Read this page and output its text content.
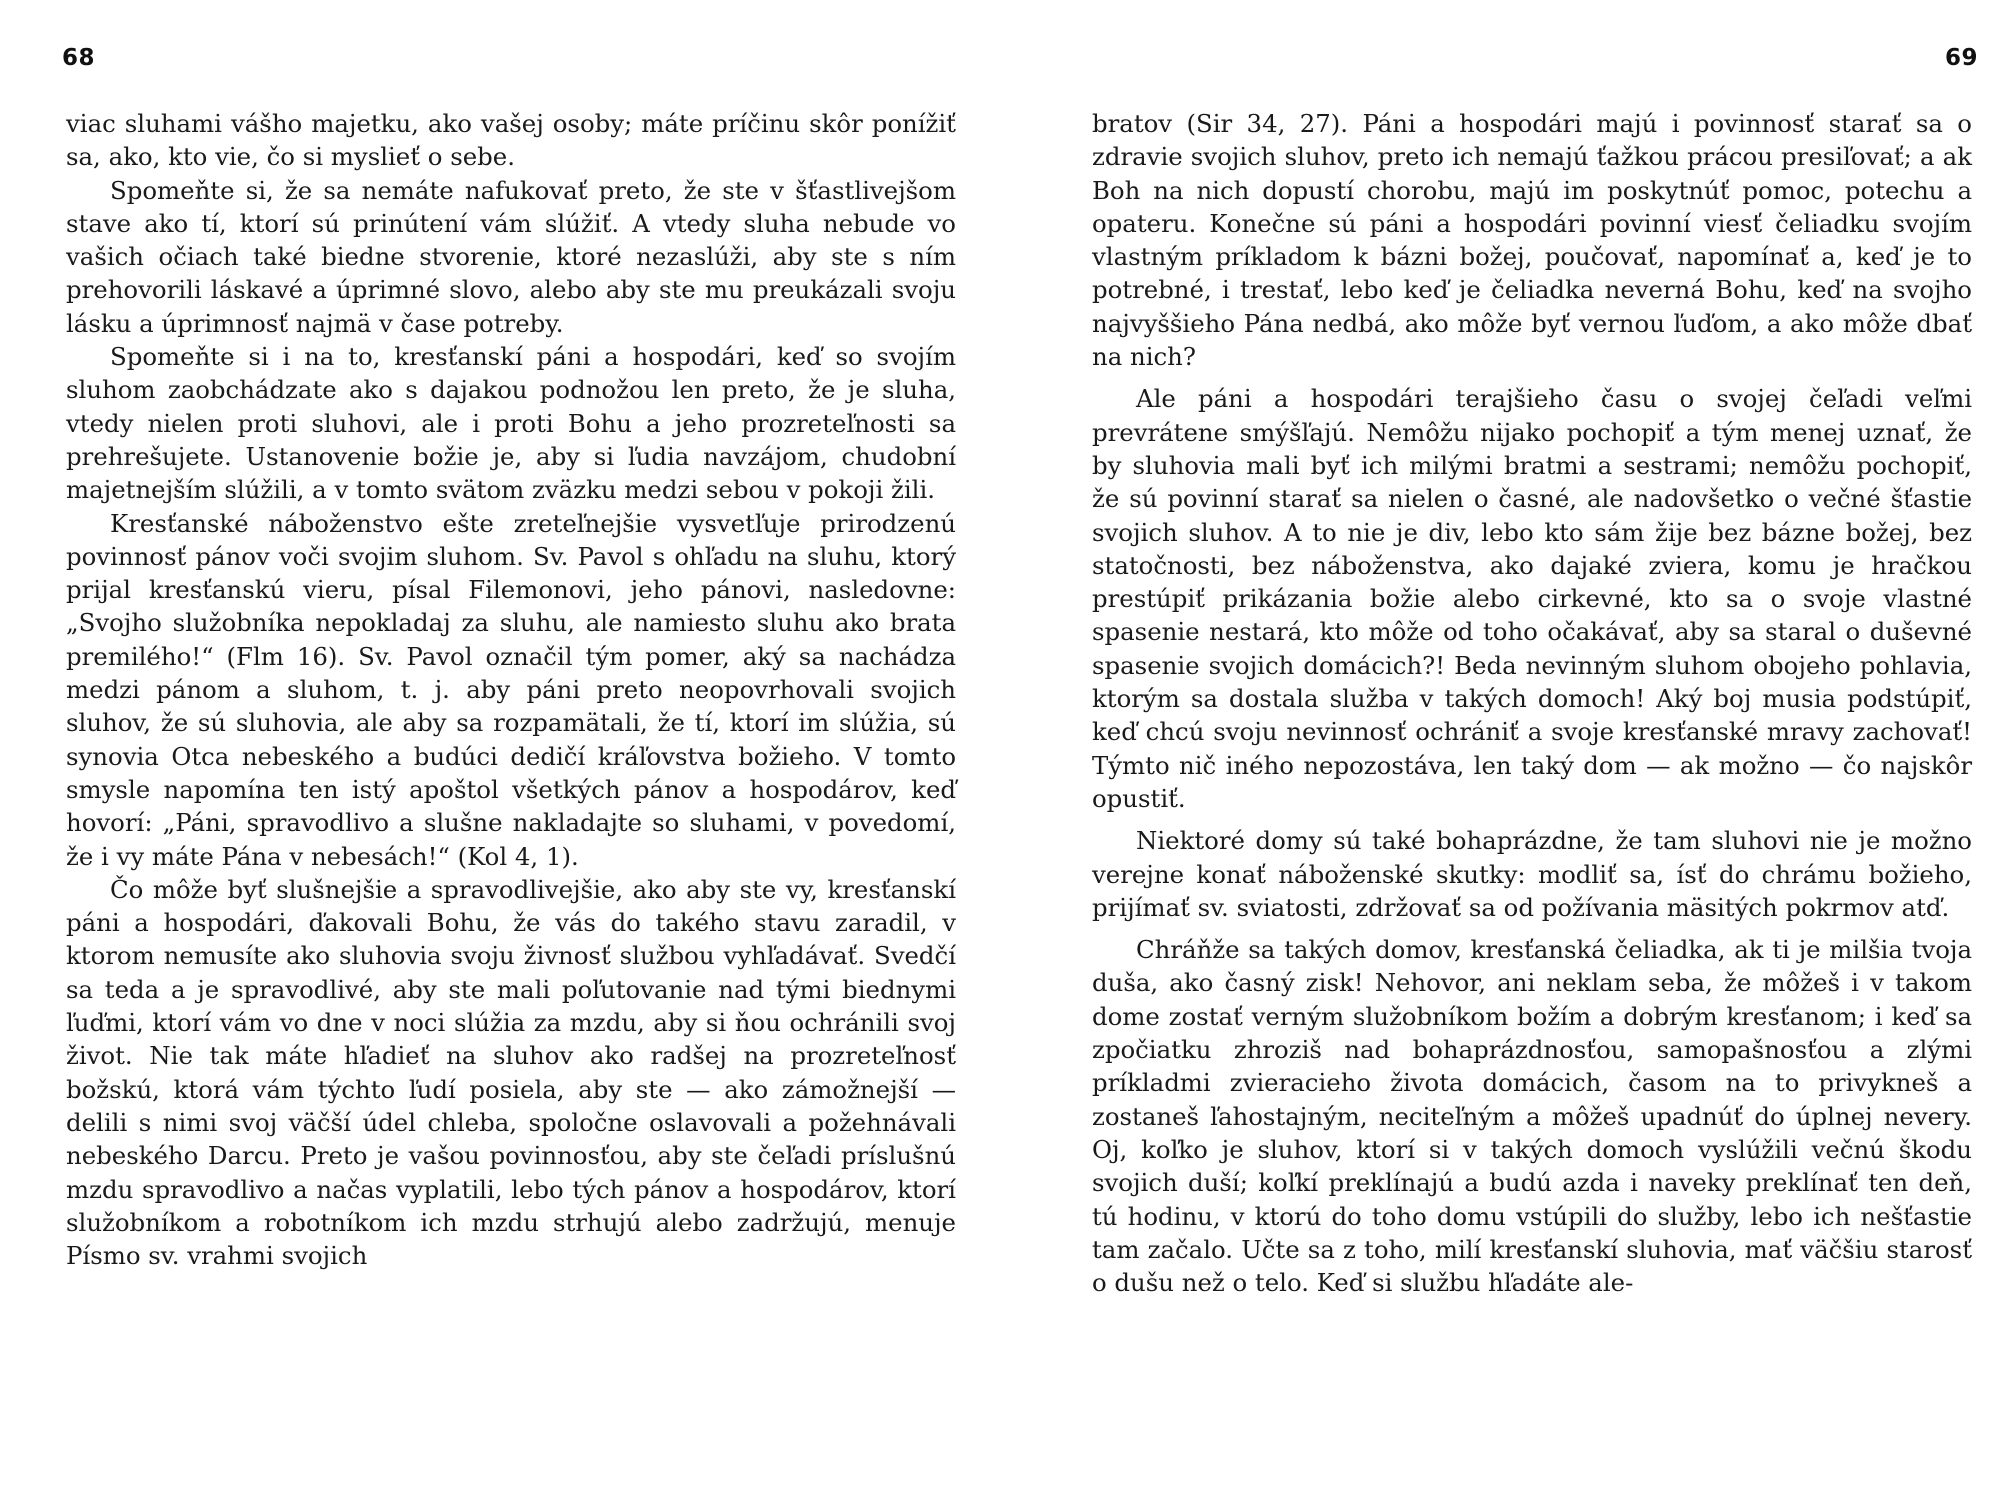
68

viac sluhami vášho majetku, ako vašej osoby; máte príčinu skôr ponížiť sa, ako, kto vie, čo si myslieť o sebe.

Spomeňte si, že sa nemáte nafukovať preto, že ste v šťastlivejšom stave ako tí, ktorí sú prinútení vám slúžiť. A vtedy sluha nebude vo vašich očiach také biedne stvorenie, ktoré nezaslúži, aby ste s ním prehovorili láskavé a úprimné slovo, alebo aby ste mu preukázali svoju lásku a úprimnosť najmä v čase potreby.

Spomeňte si i na to, kresťanskí páni a hospodári, keď so svojím sluhom zaobchádzate ako s dajakou podnožou len preto, že je sluha, vtedy nielen proti sluhovi, ale i proti Bohu a jeho prozreteľnosti sa prehrešujete. Ustanovenie božie je, aby si ľudia navzájom, chudobní majetnejším slúžili, a v tomto svätom zväzku medzi sebou v pokoji žili.

Kresťanské náboženstvo ešte zreteľnejšie vysvetľuje prirodzenú povinnosť pánov voči svojim sluhom. Sv. Pavol s ohľadu na sluhu, ktorý prijal kresťanskú vieru, písal Filemonovi, jeho pánovi, nasledovne: „Svojho služobníka nepokladaj za sluhu, ale namiesto sluhu ako brata premilého!“ (Flm 16). Sv. Pavol označil tým pomer, aký sa nachádza medzi pánom a sluhom, t. j. aby páni preto neopovrhovali svojich sluhov, že sú sluhovia, ale aby sa rozpamätali, že tí, ktorí im slúžia, sú synovia Otca nebeského a budúci dedičí kráľovstva božieho. V tomto smysle napomína ten istý apoštol všetkých pánov a hospodárov, keď hovorí: „Páni, spravodlivo a slušne nakladajte so sluhami, v povedomí, že i vy máte Pána v nebesách!“ (Kol 4, 1).

Čo môže byť slušnejšie a spravodlivejšie, ako aby ste vy, kresťanskí páni a hospodári, ďakovali Bohu, že vás do takého stavu zaradil, v ktorom nemusíte ako sluhovia svoju živnosť službou vyhľadávať. Svedčí sa teda a je spravodlivé, aby ste mali poľutovanie nad tými biednymi ľuďmi, ktorí vám vo dne v noci slúžia za mzdu, aby si ňou ochránili svoj život. Nie tak máte hľadieť na sluhov ako radšej na prozreteľnosť božskú, ktorá vám týchto ľudí posiela, aby ste — ako zámožnejší — delili s nimi svoj väčší údel chleba, spoločne oslavovali a požehnávali nebeského Darcu. Preto je vašou povinnosťou, aby ste čeľadi príslušnú mzdu spravodlivo a načas vyplatili, lebo tých pánov a hospodárov, ktorí služobníkom a robotníkom ich mzdu strhujú alebo zadržujú, menuje Písmo sv. vrahmi svojich

69

bratov (Sir 34, 27). Páni a hospodári majú i povinnosť starať sa o zdravie svojich sluhov, preto ich nemajú ťažkou prácou presiľovať; a ak Boh na nich dopustí chorobu, majú im poskytnúť pomoc, potechu a opateru. Konečne sú páni a hospodári povinní viesť čeliadku svojím vlastným príkladom k bázni božej, poučovať, napomínať a, keď je to potrebné, i trestať, lebo keď je čeliadka neverná Bohu, keď na svojho najvyššieho Pána nedbá, ako môže byť vernou ľuďom, a ako môže dbať na nich?

Ale páni a hospodári terajšieho času o svojej čeľadi veľmi prevrátene smýšľajú. Nemôžu nijako pochopiť a tým menej uznať, že by sluhovia mali byť ich milými bratmi a sestrami; nemôžu pochopiť, že sú povinní starať sa nielen o časné, ale nadovšetko o večné šťastie svojich sluhov. A to nie je div, lebo kto sám žije bez bázne božej, bez statočnosti, bez náboženstva, ako dajaké zviera, komu je hračkou prestúpiť prikázania božie alebo cirkevné, kto sa o svoje vlastné spasenie nestará, kto môže od toho očakávať, aby sa staral o duševné spasenie svojich domácich?! Beda nevinným sluhom obojeho pohlavia, ktorým sa dostala služba v takých domoch! Aký boj musia podstúpiť, keď chcú svoju nevinnosť ochrániť a svoje kresťanské mravy zachovať! Týmto nič iného nepozostáva, len taký dom — ak možno — čo najskôr opustiť.

Niektoré domy sú také bohaprázdne, že tam sluhovi nie je možno verejne konať náboženské skutky: modliť sa, ísť do chrámu božieho, prijímať sv. sviatosti, zdržovať sa od požívania mäsitých pokrmov atď.

Chráňže sa takých domov, kresťanská čeliadka, ak ti je milšia tvoja duša, ako časný zisk! Nehovor, ani neklam seba, že môžeš i v takom dome zostať verným služobníkom božím a dobrým kresťanom; i keď sa zpočiatku zhroziš nad bohaprázdnosťou, samopašnosťou a zlými príkladmi zvieracieho života domácich, časom na to privykneš a zostaneš ľahostajným, neciteľným a môžeš upadnúť do úplnej nevery. Oj, koľko je sluhov, ktorí si v takých domoch vyslúžili večnú škodu svojich duší; koľkí preklínajú a budú azda i naveky preklínať ten deň, tú hodinu, v ktorú do toho domu vstúpili do služby, lebo ich nešťastie tam začalo. Učte sa z toho, milí kresťanskí sluhovia, mať väčšiu starosť o dušu než o telo. Keď si službu hľadáte ale-
